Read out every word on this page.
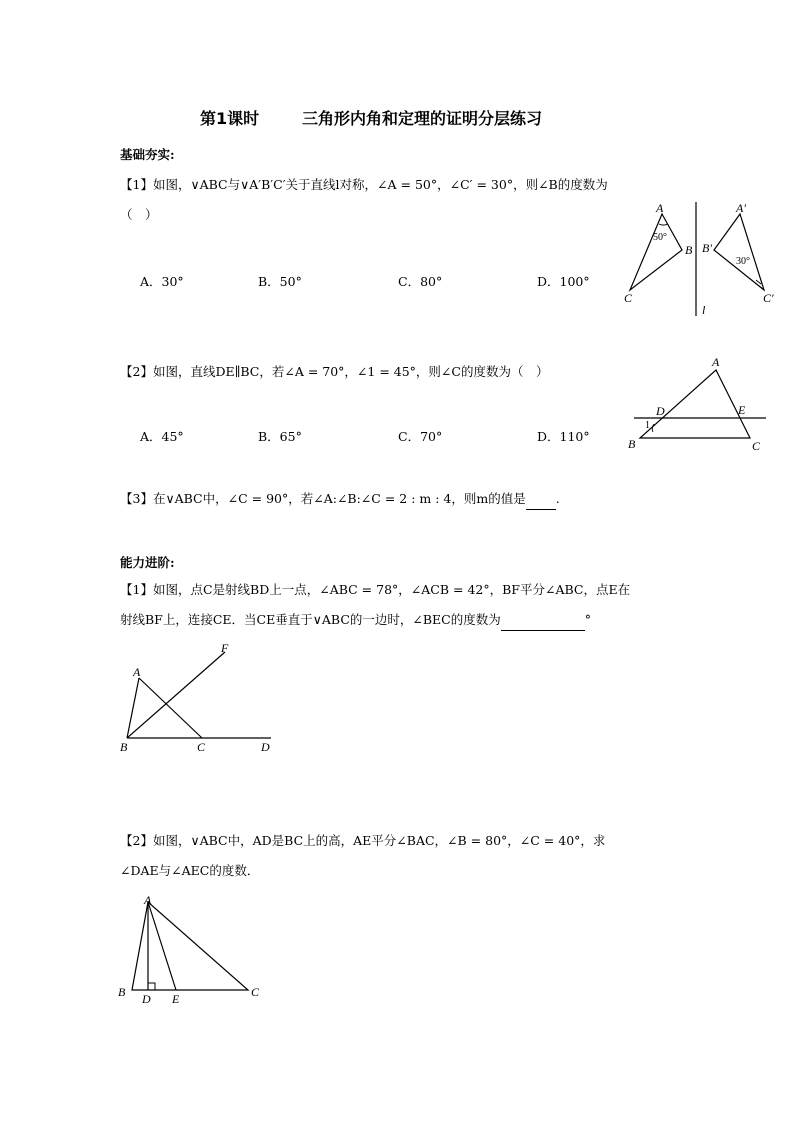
第1课时	三角形内角和定理的证明分层练习
基础夯实:
【1】如图，∨ABC与∨A′B′C′关于直线l对称，∠A = 50°，∠C′ = 30°，则∠B的度数为
（　）
A．30°	B．50°	C．80°	D．100°
A
B
C
50°
A′
B′
C′
30°
l
【2】如图，直线DE∥BC，若∠A = 70°，∠1 = 45°，则∠C的度数为（　）
A．45°	B．65°	C．70°	D．110°
A
B	C
D	E
1
【3】在∨ABC中，∠C = 90°，若∠A:∠B:∠C = 2 : m : 4，则m的值是 .
能力进阶:
【1】如图，点C是射线BD上一点，∠ABC = 78°，∠ACB = 42°，BF平分∠ABC，点E在
射线BF上，连接CE．当CE垂直于∨ABC的一边时，∠BEC的度数为	°
A
B	C	D
F
【2】如图，∨ABC中，AD是BC上的高，AE平分∠BAC，∠B = 80°，∠C = 40°，求
∠DAE与∠AEC的度数．
A
B	C
D E
